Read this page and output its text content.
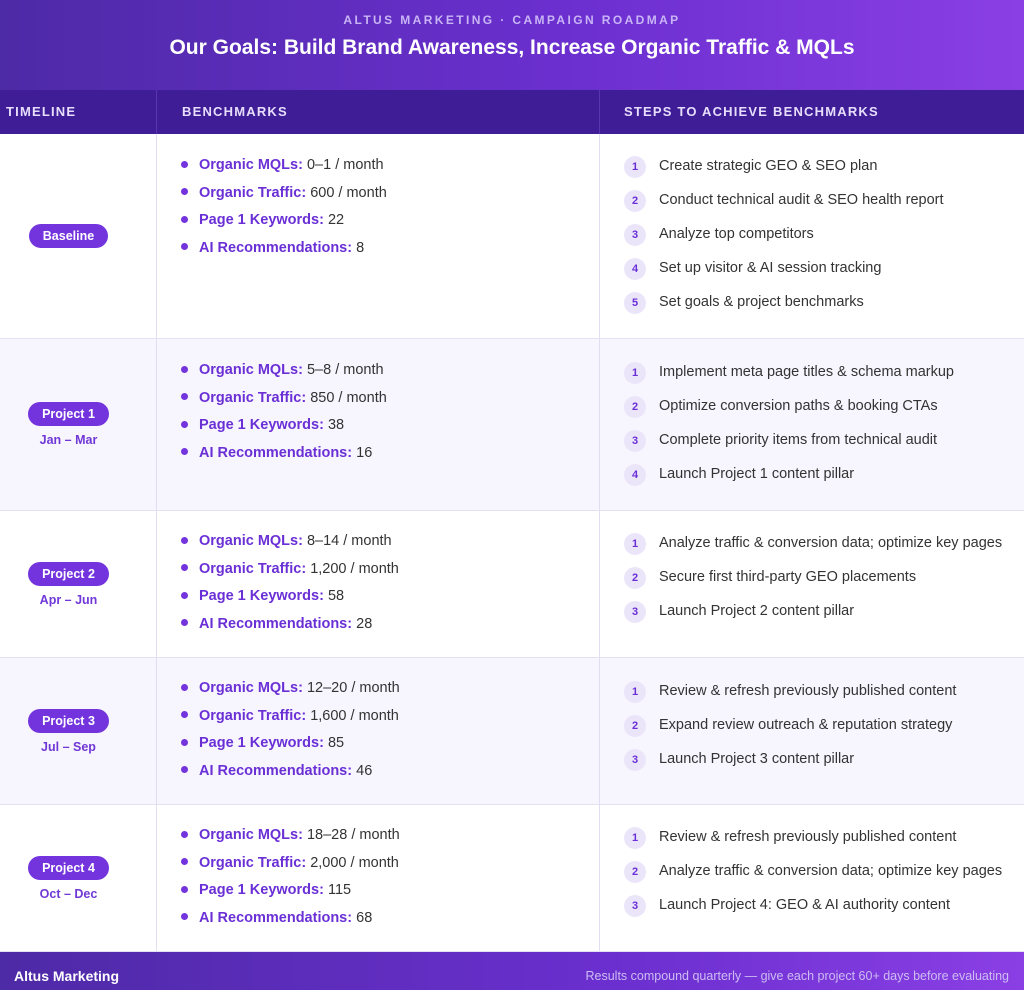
ALTUS MARKETING · CAMPAIGN ROADMAP
Our Goals: Build Brand Awareness, Increase Organic Traffic & MQLs
TIMELINE	BENCHMARKS	STEPS TO ACHIEVE BENCHMARKS
Baseline
Organic MQLs: 0–1 / month
Organic Traffic: 600 / month
Page 1 Keywords: 22
AI Recommendations: 8
1 Create strategic GEO & SEO plan
2 Conduct technical audit & SEO health report
3 Analyze top competitors
4 Set up visitor & AI session tracking
5 Set goals & project benchmarks
Project 1
Jan – Mar
Organic MQLs: 5–8 / month
Organic Traffic: 850 / month
Page 1 Keywords: 38
AI Recommendations: 16
1 Implement meta page titles & schema markup
2 Optimize conversion paths & booking CTAs
3 Complete priority items from technical audit
4 Launch Project 1 content pillar
Project 2
Apr – Jun
Organic MQLs: 8–14 / month
Organic Traffic: 1,200 / month
Page 1 Keywords: 58
AI Recommendations: 28
1 Analyze traffic & conversion data; optimize key pages
2 Secure first third-party GEO placements
3 Launch Project 2 content pillar
Project 3
Jul – Sep
Organic MQLs: 12–20 / month
Organic Traffic: 1,600 / month
Page 1 Keywords: 85
AI Recommendations: 46
1 Review & refresh previously published content
2 Expand review outreach & reputation strategy
3 Launch Project 3 content pillar
Project 4
Oct – Dec
Organic MQLs: 18–28 / month
Organic Traffic: 2,000 / month
Page 1 Keywords: 115
AI Recommendations: 68
1 Review & refresh previously published content
2 Analyze traffic & conversion data; optimize key pages
3 Launch Project 4: GEO & AI authority content
Altus Marketing	Results compound quarterly — give each project 60+ days before evaluating
